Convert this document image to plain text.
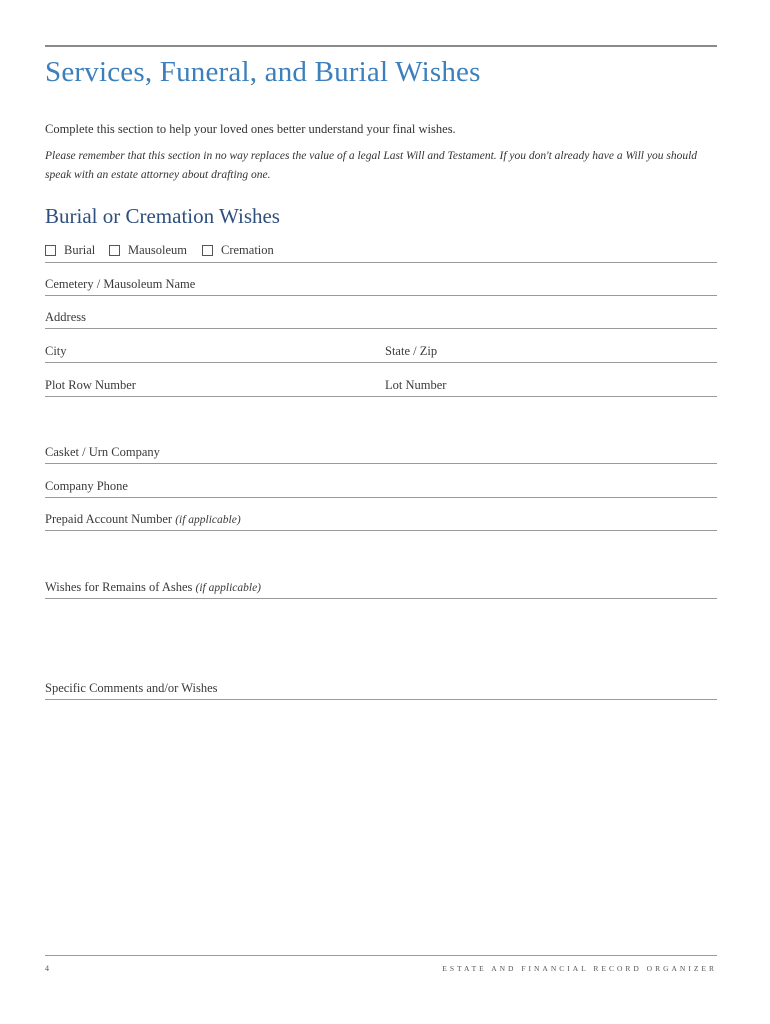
Services, Funeral, and Burial Wishes
Complete this section to help your loved ones better understand your final wishes.
Please remember that this section in no way replaces the value of a legal Last Will and Testament. If you don't already have a Will you should speak with an estate attorney about drafting one.
Burial or Cremation Wishes
Burial	Mausoleum	Cremation
Cemetery / Mausoleum Name
Address
City	State / Zip
Plot Row Number	Lot Number
Casket / Urn Company
Company Phone
Prepaid Account Number (if applicable)
Wishes for Remains of Ashes (if applicable)
Specific Comments and/or Wishes
4	ESTATE AND FINANCIAL RECORD ORGANIZER
